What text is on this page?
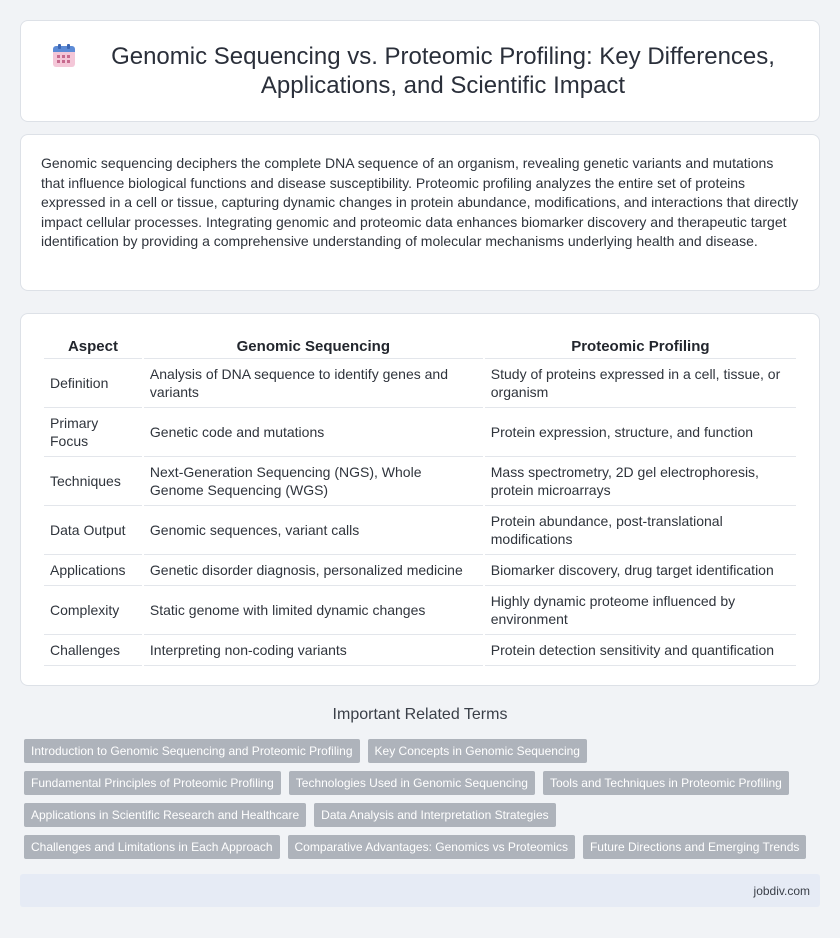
Genomic Sequencing vs. Proteomic Profiling: Key Differences, Applications, and Scientific Impact

Genomic sequencing deciphers the complete DNA sequence of an organism, revealing genetic variants and mutations that influence biological functions and disease susceptibility. Proteomic profiling analyzes the entire set of proteins expressed in a cell or tissue, capturing dynamic changes in protein abundance, modifications, and interactions that directly impact cellular processes. Integrating genomic and proteomic data enhances biomarker discovery and therapeutic target identification by providing a comprehensive understanding of molecular mechanisms underlying health and disease.

Aspect	Genomic Sequencing	Proteomic Profiling
Definition	Analysis of DNA sequence to identify genes and variants	Study of proteins expressed in a cell, tissue, or organism
Primary Focus	Genetic code and mutations	Protein expression, structure, and function
Techniques	Next-Generation Sequencing (NGS), Whole Genome Sequencing (WGS)	Mass spectrometry, 2D gel electrophoresis, protein microarrays
Data Output	Genomic sequences, variant calls	Protein abundance, post-translational modifications
Applications	Genetic disorder diagnosis, personalized medicine	Biomarker discovery, drug target identification
Complexity	Static genome with limited dynamic changes	Highly dynamic proteome influenced by environment
Challenges	Interpreting non-coding variants	Protein detection sensitivity and quantification
Important Related Terms
Introduction to Genomic Sequencing and Proteomic Profiling	Key Concepts in Genomic Sequencing
Fundamental Principles of Proteomic Profiling	Technologies Used in Genomic Sequencing	Tools and Techniques in Proteomic Profiling
Applications in Scientific Research and Healthcare	Data Analysis and Interpretation Strategies
Challenges and Limitations in Each Approach	Comparative Advantages: Genomics vs Proteomics	Future Directions and Emerging Trends
jobdiv.com
